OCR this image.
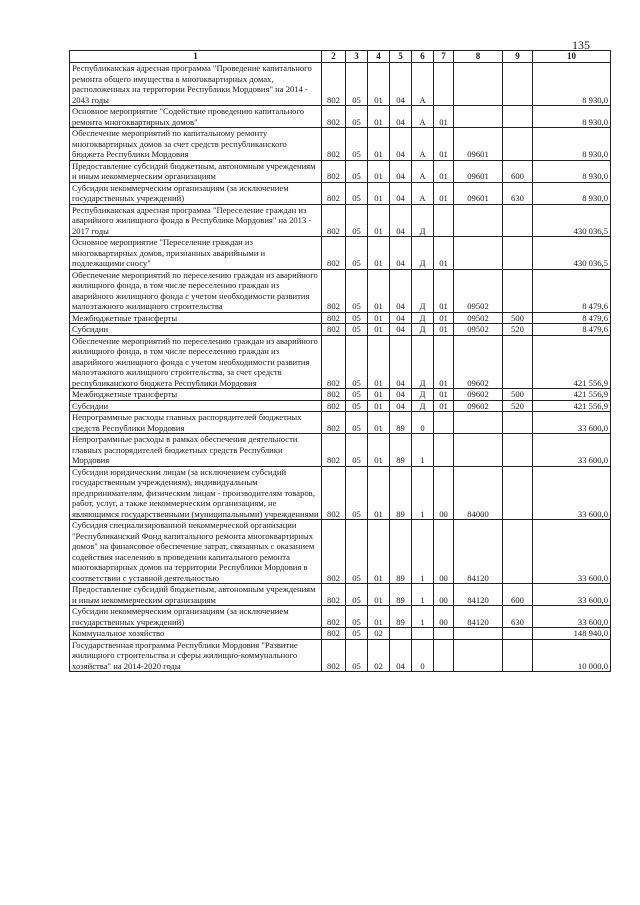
135
1	2	3	4	5	6	7	8	9	10
Республиканская адресная программа "Проведение капитального ремонта общего имущества в многоквартирных домах, расположенных на территории Республики Мордовия" на 2014 - 2043 годы	802	05	01	04	А				8 930,0
Основное мероприятие "Содействие проведению капитального ремонта многоквартирных домов"	802	05	01	04	А	01			8 930,0
Обеспечение мероприятий по капитальному ремонту многоквартирных домов за счет средств республиканского бюджета Республики Мордовия	802	05	01	04	А	01	09601		8 930,0
Предоставление субсидий бюджетным, автономным учреждениям и иным некоммерческим организациям	802	05	01	04	А	01	09601	600	8 930,0
Субсидии некоммерческим организациям (за исключением государственных учреждений)	802	05	01	04	А	01	09601	630	8 930,0
Республиканская адресная программа "Переселение граждан из аварийного жилищного фонда в Республике Мордовия" на 2013 - 2017 годы	802	05	01	04	Д				430 036,5
Основное мероприятие "Переселение граждан из многоквартирных домов, признанных аварийными и подлежащими сносу"	802	05	01	04	Д	01			430 036,5
Обеспечение мероприятий по переселению граждан из аварийного жилищного фонда, в том числе переселению граждан из аварийного жилищного фонда с учетом необходимости развития малоэтажного жилищного строительства	802	05	01	04	Д	01	09502		8 479,6
Межбюджетные трансферты	802	05	01	04	Д	01	09502	500	8 479,6
Субсидии	802	05	01	04	Д	01	09502	520	8 479,6
Обеспечение мероприятий по переселению граждан из аварийного жилищного фонда, в том числе переселению граждан из аварийного жилищного фонда с учетом необходимости развития малоэтажного жилищного строительства, за счет средств республиканского бюджета Республики Мордовия	802	05	01	04	Д	01	09602		421 556,9
Межбюджетные трансферты	802	05	01	04	Д	01	09602	500	421 556,9
Субсидии	802	05	01	04	Д	01	09602	520	421 556,9
Непрограммные расходы главных распорядителей бюджетных средств Республики Мордовия	802	05	01	89	0				33 600,0
Непрограммные расходы в рамках обеспечения деятельности главных распорядителей бюджетных средств Республики Мордовия	802	05	01	89	1				33 600,0
Субсидии юридическим лицам (за исключением субсидий государственным учреждениям), индивидуальным предпринимателям, физическим лицам - производителям товаров, работ, услуг, а также некоммерческим организациям, не являющимся государственными (муниципальными) учреждениями	802	05	01	89	1	00	84000		33 600,0
Субсидия специализированной некоммерческой организации "Республиканский Фонд капитального ремонта многоквартирных домов" на финансовое обеспечение затрат, связанных с оказанием содействия населению в проведении капитального ремонта многоквартирных домов на территории Республики Мордовия в соответствии с уставной деятельностью	802	05	01	89	1	00	84120		33 600,0
Предоставление субсидий бюджетным, автономным учреждениям и иным некоммерческим организациям	802	05	01	89	1	00	84120	600	33 600,0
Субсидии некоммерческим организациям (за исключением государственных учреждений)	802	05	01	89	1	00	84120	630	33 600,0
Коммунальное хозяйство	802	05	02						148 940,0
Государственная программа Республики Мордовия "Развитие жилищного строительства и сферы жилищно-коммунального хозяйства" на 2014-2020 годы	802	05	02	04	0				10 000,0
